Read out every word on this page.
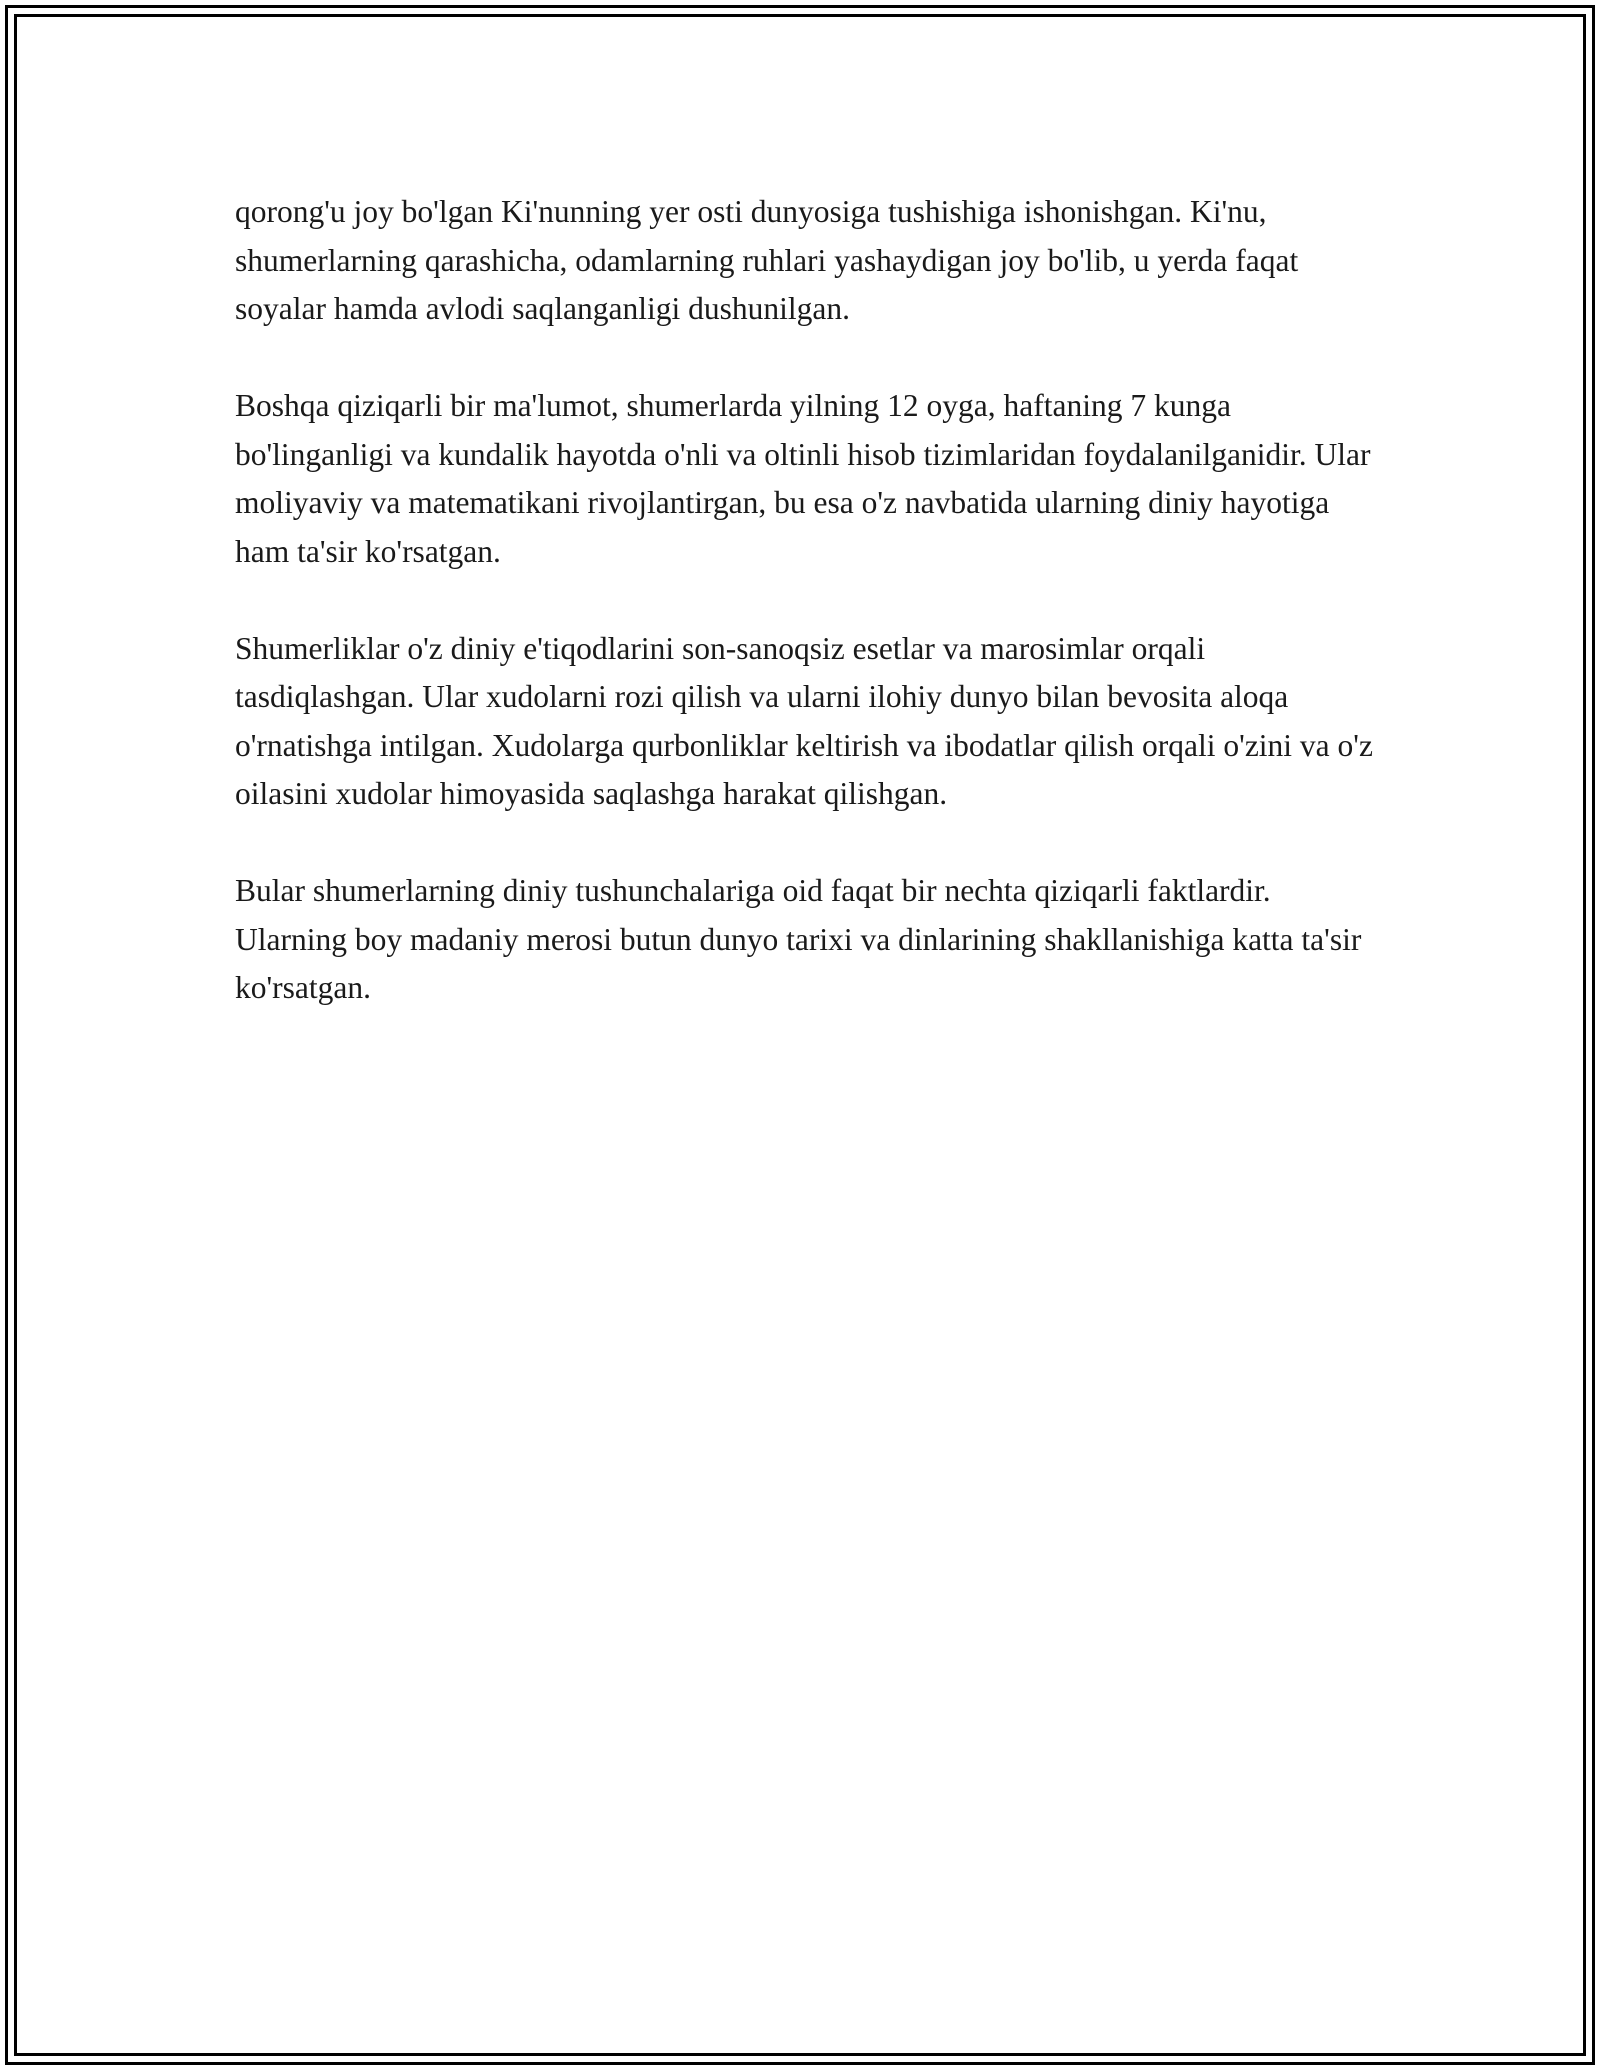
qorong'u joy bo'lgan Ki'nunning yer osti dunyosiga tushishiga ishonishgan. Ki'nu, shumerlarning qarashicha, odamlarning ruhlari yashaydigan joy bo'lib, u yerda faqat soyalar hamda avlodi saqlanganligi dushunilgan.

Boshqa qiziqarli bir ma'lumot, shumerlarda yilning 12 oyga, haftaning 7 kunga bo'linganligi va kundalik hayotda o'nli va oltinli hisob tizimlaridan foydalanilganidir. Ular moliyaviy va matematikani rivojlantirgan, bu esa o'z navbatida ularning diniy hayotiga ham ta'sir ko'rsatgan.

Shumerliklar o'z diniy e'tiqodlarini son-sanoqsiz esetlar va marosimlar orqali tasdiqlashgan. Ular xudolarni rozi qilish va ularni ilohiy dunyo bilan bevosita aloqa o'rnatishga intilgan. Xudolarga qurbonliklar keltirish va ibodatlar qilish orqali o'zini va o'z oilasini xudolar himoyasida saqlashga harakat qilishgan.

Bular shumerlarning diniy tushunchalariga oid faqat bir nechta qiziqarli faktlardir. Ularning boy madaniy merosi butun dunyo tarixi va dinlarining shakllanishiga katta ta'sir ko'rsatgan.
